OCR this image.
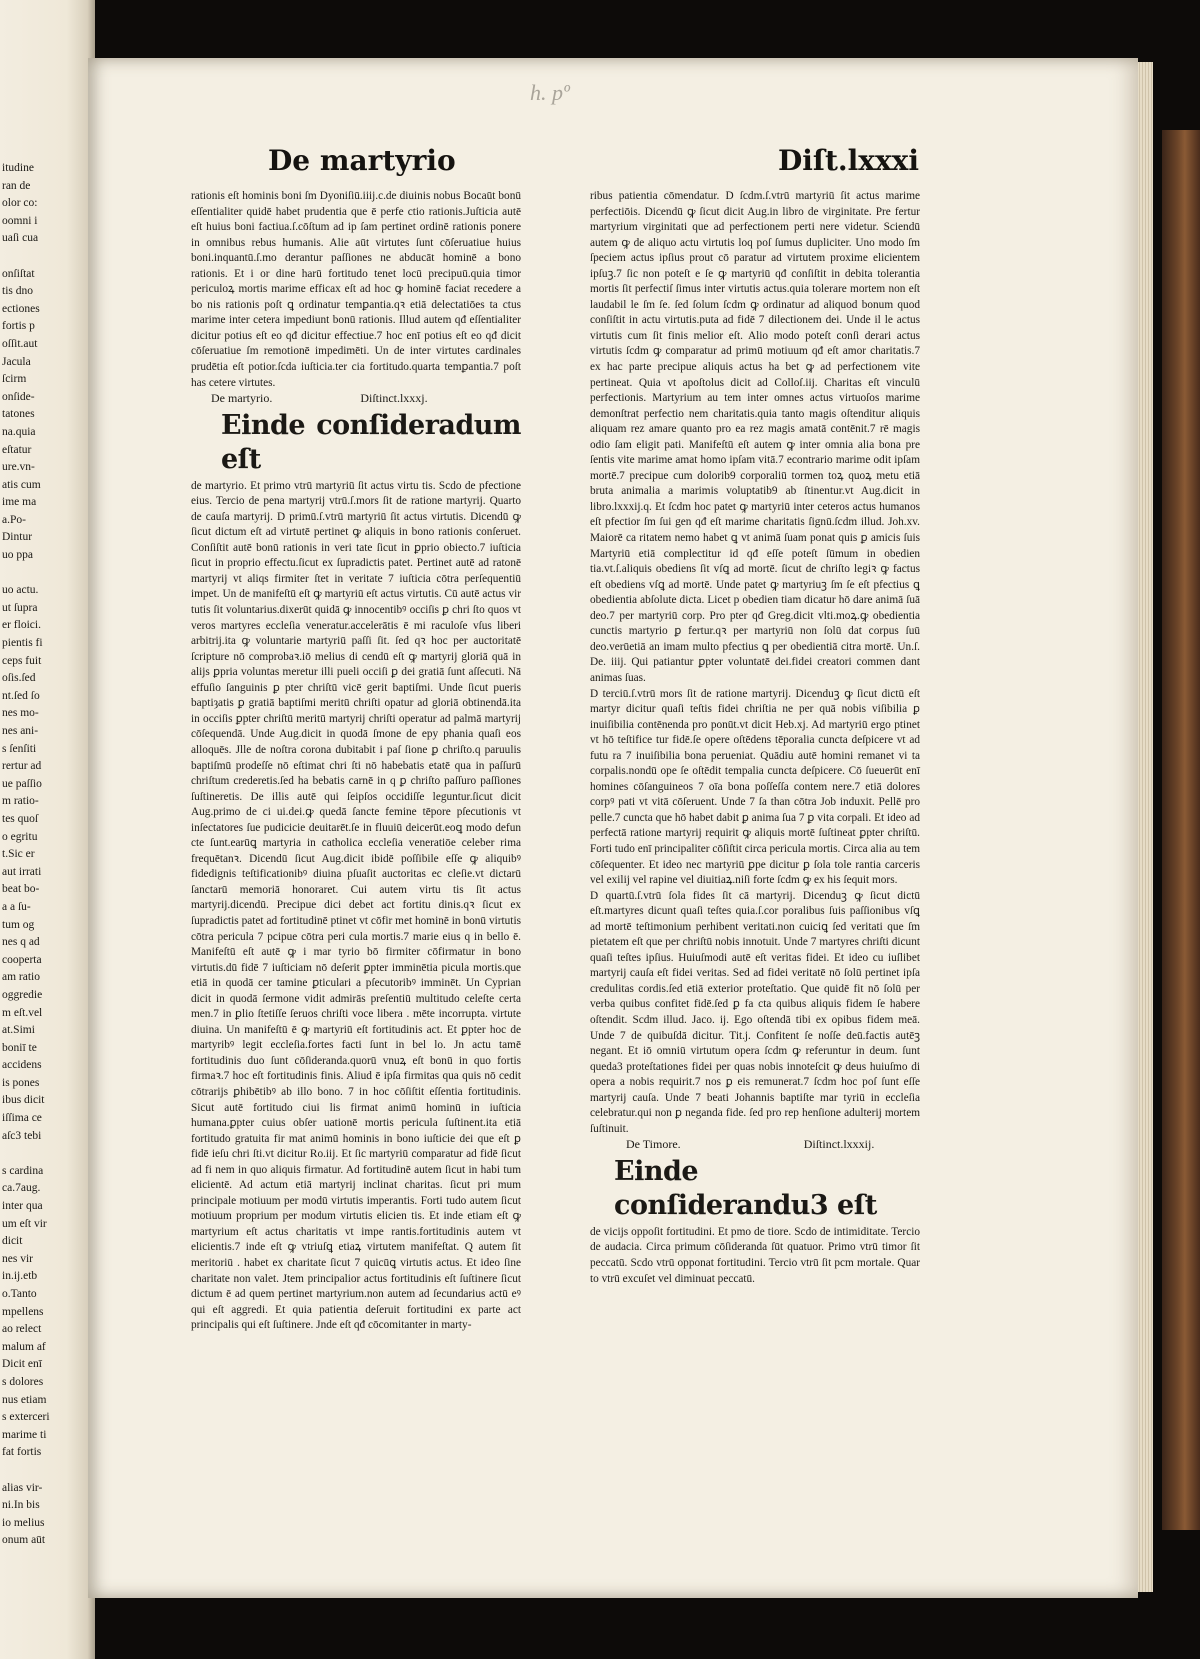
itudine
ran de
olor co:
oomni i
uaſi cua

onſiſtat
tis dno
ectiones
fortis p
oſſit.aut
Jacula
ſcirm
onſide-
tatones
na.quia
eſtatur
ure.vn-
atis cum
ime ma
a.Po-
Dintur
uo ppa

uo actu.
ut ſupra
er floici.
pientis fi
ceps fuit
oſis.ſed
nt.ſed ſo
nes mo-
nes ani-
s ſenſiti
rertur ad
ue paſſio
m ratio-
tes quoſ
o egritu
t.Sic er
aut irrati
beat bo-
a a ſu-
tum og
nes q ad
cooperta
am ratio
oggredie
m eſt.vel
at.Simi
boniī te
accidens
is pones
ibus dicit
iſſima ce
aſc3 tebi

s cardina
ca.7aug.
inter qua
um eſt vir
dicit
nes vir
in.ij.etb
o.Tanto
mpellens
ao relect
malum af
Dicit enī
s dolores
nus etiam
s exterceri
marime ti
fat fortis

alias vir-
ni.In bis
io melius
onum aūt
h. pº
De martyrio	Diſt.lxxxi

rationis eſt hominis boni ſm Dyoniſiū.iiij.c.de diuinis nobus Bocaūt bonū eſſentialiter quidē habet prudentia que ē perfe ctio rationis.Juſticia autē eſt huius boni factiua.ſ.cōſtum ad ip ſam pertinet ordinē rationis ponere in omnibus rebus humanis. Alie aūt virtutes ſunt cōſeruatiue huius boni.inquantū.ſ.mo derantur paſſiones ne abducāt hominē a bono rationis. Et i or dine harū fortitudo tenet locū precipuū.quia timor periculoꝝ mortis marime efficax eſt ad hoc ꝙ hominē faciat recedere a bo nis rationis poſt ꝗ ordinatur temꝑantia.qꝛ etiā delectatiōes ta ctus marime inter cetera impediunt bonū rationis. Illud autem qđ eſſentialiter dicitur potius eſt eo qđ dicitur effectiue.7 hoc enī potius eſt eo qđ dicit cōſeruatiue ſm remotionē impedimēti. Un de inter virtutes cardinales prudētia eſt potior.ſcda iuſticia.ter cia fortitudo.quarta temꝑantia.7 poſt has cetere virtutes.

De martyrio.	Diſtinct.lxxxj.

Einde conſideradum eſt

de martyrio. Et primo vtrū martyriū ſit actus virtu tis. Scdo de pfectione eius. Tercio de pena martyrij vtrū.ſ.mors ſit de ratione martyrij. Quarto de cauſa martyrij. D primū.ſ.vtrū martyriū ſit actus virtutis. Dicendū ꝙ ſicut dictum eſt ad virtutē pertinet ꝙ aliquis in bono rationis conſeruet. Conſiſtit autē bonū rationis in veri tate ſicut in ꝑprio obiecto.7 iuſticia ſicut in proprio effectu.ſicut ex ſupradictis patet. Pertinet autē ad ratonē martyrij vt aliqs firmiter ſtet in veritate 7 iuſticia cōtra perſequentiū impet. Un de manifeſtū eſt ꝙ martyriū eſt actus virtutis. Cū autē actus vir tutis ſit voluntarius.dixerūt quidā ꝙ innocentibꝰ occiſis ꝑ chri ſto quos vt veros martyres eccleſia veneratur.accelerātis ē mi raculoſe vſus liberi arbitrij.ita ꝙ voluntarie martyriū paſſi ſit. ſed qꝛ hoc per auctoritatē ſcripture nō comprobaꝛ.iō melius di cendū eſt ꝙ martyrij gloriā quā in alijs ꝑpria voluntas meretur illi pueli occiſi ꝑ dei gratiā ſunt aſſecuti. Nā effuſio ſanguinis ꝑ pter chriſtū vicē gerit baptiſmi. Unde ſicut pueris baptiȝatis ꝑ gratiā baptiſmi meritū chriſti opatur ad gloriā obtinendā.ita in occiſis ꝑpter chriſtū meritū martyrij chriſti operatur ad palmā martyrij cōſequendā. Unde Aug.dicit in quodā ſmone de epy phania quaſi eos alloquēs. Jlle de noſtra corona dubitabit i paſ ſione ꝑ chriſto.q paruulis baptiſmū prodeſſe nō eſtimat chri ſti nō habebatis etatē qua in paſſurū chriſtum crederetis.ſed ha bebatis carnē in q ꝑ chriſto paſſuro paſſiones ſuſtineretis. De illis autē qui ſeipſos occidiſſe leguntur.ſicut dicit Aug.primo de ci ui.dei.ꝙ quedā ſancte femine tēpore pſecutionis vt inſectatores ſue pudicicie deuitarēt.ſe in fluuiū deicerūt.eoꝗ modo defun cte ſunt.earūꝗ martyria in catholica eccleſia veneratiōe celeber rima frequētanꝛ. Dicendū ſicut Aug.dicit ibidē poſſibile eſſe ꝙ aliquibꝰ fidedignis teſtificationibꝰ diuina pſuaſit auctoritas ec cleſie.vt dictarū ſanctarū memoriā honoraret. Cui autem virtu tis ſit actus martyrij.dicendū. Precipue dici debet act fortitu dinis.qꝛ ſicut ex ſupradictis patet ad fortitudinē ptinet vt cōfir met hominē in bonū virtutis cōtra pericula 7 pcipue cōtra peri cula mortis.7 marie eius q in bello ē. Manifeſtū eſt autē ꝙ i mar tyrio bō firmiter cōfirmatur in bono virtutis.dū fidē 7 iuſticiam nō deſerit ꝑpter imminētia picula mortis.que etiā in quodā cer tamine ꝑticulari a pſecutoribꝰ imminēt. Un Cyprian dicit in quodā ſermone vidit admirās preſentiū multitudo celeſte certa men.7 in ꝑlio ſtetiſſe ſeruos chriſti voce libera . mēte incorrupta. virtute diuina. Un manifeſtū ē ꝙ martyriū eſt fortitudinis act. Et ꝑpter hoc de martyribꝰ legit eccleſia.fortes facti ſunt in bel lo. Jn actu tamē fortitudinis duo ſunt cōſideranda.quorū vnuꝝ eſt bonū in quo fortis firmaꝛ.7 hoc eſt fortitudinis finis. Aliud ē ipſa firmitas qua quis nō cedit cōtrarijs ꝑhibētibꝰ ab illo bono. 7 in hoc cōſiſtit eſſentia fortitudinis. Sicut autē fortitudo ciui lis firmat animū hominū in iuſticia humana.ꝑpter cuius obſer uationē mortis pericula ſuſtinent.ita etiā fortitudo gratuita fir mat animū hominis in bono iuſticie dei que eſt ꝑ fidē ieſu chri ſti.vt dicitur Ro.iij. Et ſic martyriū comparatur ad fidē ſicut ad fi nem in quo aliquis firmatur. Ad fortitudinē autem ſicut in habi tum elicientē. Ad actum etiā martyrij inclinat charitas. ſicut pri mum principale motiuum per modū virtutis imperantis. Forti tudo autem ſicut motiuum proprium per modum virtutis elicien tis. Et inde etiam eſt ꝙ martyrium eſt actus charitatis vt impe rantis.fortitudinis autem vt elicientis.7 inde eſt ꝙ vtriuſꝗ etiaꝝ virtutem manifeſtat. Q autem ſit meritoriū . habet ex charitate ſicut 7 quicūꝗ virtutis actus. Et ideo ſine charitate non valet. Jtem principalior actus fortitudinis eſt ſuſtinere ſicut dictum ē ad quem pertinet martyrium.non autem ad ſecundarius actū eꝰ qui eſt aggredi. Et quia patientia deſeruit fortitudini ex parte act principalis qui eſt ſuſtinere. Jnde eſt qđ cōcomitanter in marty-

ribus patientia cōmendatur. D ſcdm.ſ.vtrū martyriū ſit actus marime perfectiōis. Dicendū ꝙ ſicut dicit Aug.in libro de virginitate. Pre fertur martyrium virginitati que ad perfectionem perti nere videtur. Sciendū autem ꝙ de aliquo actu virtutis loq poſ ſumus dupliciter. Uno modo ſm ſpeciem actus ipſius prout cō paratur ad virtutem proxime elicientem ipſuꝫ.7 ſic non poteſt e ſe ꝙ martyriū qđ conſiſtit in debita tolerantia mortis ſit perfectiſ ſimus inter virtutis actus.quia tolerare mortem non eſt laudabil le ſm ſe. ſed ſolum ſcdm ꝙ ordinatur ad aliquod bonum quod conſiſtit in actu virtutis.puta ad fidē 7 dilectionem dei. Unde il le actus virtutis cum ſit finis melior eſt. Alio modo poteſt conſi derari actus virtutis ſcdm ꝙ comparatur ad primū motiuum qđ eſt amor charitatis.7 ex hac parte precipue aliquis actus ha bet ꝙ ad perfectionem vite pertineat. Quia vt apoſtolus dicit ad Colloſ.iij. Charitas eſt vinculū perfectionis. Martyrium au tem inter omnes actus virtuoſos marime demonſtrat perfectio nem charitatis.quia tanto magis oſtenditur aliquis aliquam rez amare quanto pro ea rez magis amatā contēnit.7 rē magis odio ſam eligit pati. Manifeſtū eſt autem ꝙ inter omnia alia bona pre ſentis vite marime amat homo ipſam vitā.7 econtrario marime odit ipſam mortē.7 precipue cum dolorib9 corporaliū tormen toꝝ quoꝝ metu etiā bruta animalia a marimis voluptatib9 ab ſtinentur.vt Aug.dicit in libro.lxxxij.q. Et ſcdm hoc patet ꝙ martyriū inter ceteros actus humanos eſt pfectior ſm ſui gen qđ eſt marime charitatis ſignū.ſcdm illud. Joh.xv. Maiorē ca ritatem nemo habet ꝗ vt animā ſuam ponat quis ꝑ amicis ſuis Martyriū etiā complectitur id qđ eſſe poteſt ſūmum in obedien tia.vt.ſ.aliquis obediens ſit vſꝗ ad mortē. ſicut de chriſto legiꝛ ꝙ factus eſt obediens vſꝗ ad mortē. Unde patet ꝙ martyriuꝫ ſm ſe eſt pfectius ꝗ obedientia abſolute dicta. Licet p obedien tiam dicatur hō dare animā ſuā deo.7 per martyriū corp. Pro pter qđ Greg.dicit vlti.moꝝ.ꝙ obedientia cunctis martyrio ꝑ fertur.qꝛ per martyriū non ſolū dat corpus ſuū deo.verūetiā an imam multo pfectius ꝗ per obedientiā citra mortē. Un.ſ. De. iiij. Qui patiantur ꝑpter voluntatē dei.fidei creatori commen dant animas ſuas.

D terciū.ſ.vtrū mors ſit de ratione martyrij. Dicenduꝫ ꝙ ſicut dictū eſt martyr dicitur quaſi teſtis fidei chriſtia ne per quā nobis viſibilia ꝑ inuiſibilia contēnenda pro ponūt.vt dicit Heb.xj. Ad martyriū ergo ptinet vt hō teſtifice tur fidē.ſe opere oſtēdens tēporalia cuncta deſpicere vt ad futu ra 7 inuiſibilia bona perueniat. Quādiu autē homini remanet vi ta corpalis.nondū ope ſe oſtēdit tempalia cuncta deſpicere. Cō ſueuerūt enī homines cōſanguineos 7 oīa bona poſſeſſa contem nere.7 etiā dolores corpꝰ pati vt vitā cōſeruent. Unde 7 ſa than cōtra Job induxit. Pellē pro pelle.7 cuncta que hō habet dabit ꝑ anima ſua 7 ꝑ vita corpali. Et ideo ad perfectā ratione martyrij requirit ꝙ aliquis mortē ſuſtineat ꝑpter chriſtū. Forti tudo enī principaliter cōſiſtit circa pericula mortis. Circa alia au tem cōſequenter. Et ideo nec martyriū ꝑpe dicitur ꝑ ſola tole rantia carceris vel exilij vel rapine vel diuitiaꝝ.niſi forte ſcdm ꝙ ex his ſequit mors.

D quartū.ſ.vtrū ſola fides ſit cā martyrij. Dicenduꝫ ꝙ ſicut dictū eſt.martyres dicunt quaſi teſtes quia.ſ.cor poralibus ſuis paſſionibus vſꝗ ad mortē teſtimonium perhibent veritati.non cuiciꝗ ſed veritati que ſm pietatem eſt que per chriſtū nobis innotuit. Unde 7 martyres chriſti dicunt quaſi teſtes ipſius. Huiuſmodi autē eſt veritas fidei. Et ideo cu iuſlibet martyrij cauſa eſt fidei veritas. Sed ad fidei veritatē nō ſolū pertinet ipſa credulitas cordis.ſed etiā exterior proteſtatio. Que quidē fit nō ſolū per verba quibus confitet fidē.ſed ꝑ fa cta quibus aliquis fidem ſe habere oſtendit. Scdm illud. Jaco. ij. Ego oſtendā tibi ex opibus fidem meā. Unde 7 de quibuſdā dicitur. Tit.j. Confitent ſe noſſe deū.factis autēꝫ negant. Et iō omniū virtutum opera ſcdm ꝙ referuntur in deum. ſunt queda3 proteſtationes fidei per quas nobis innoteſcit ꝙ deus huiuſmo di opera a nobis requirit.7 nos ꝑ eis remunerat.7 ſcdm hoc poſ ſunt eſſe martyrij cauſa. Unde 7 beati Johannis baptiſte mar tyriū in eccleſia celebratur.qui non ꝑ neganda fide. ſed pro rep henſione adulterij mortem ſuſtinuit.

De Timore.	Diſtinct.lxxxij.

Einde conſiderandu3 eſt

de vicijs oppoſit fortitudini. Et pmo de tiore. Scdo de intimiditate. Tercio de audacia. Circa primum cōſideranda ſūt quatuor. Primo vtrū timor ſit peccatū. Scdo vtrū opponat fortitudini. Tercio vtrū ſit pcm mortale. Quar to vtrū excuſet vel diminuat peccatū.
